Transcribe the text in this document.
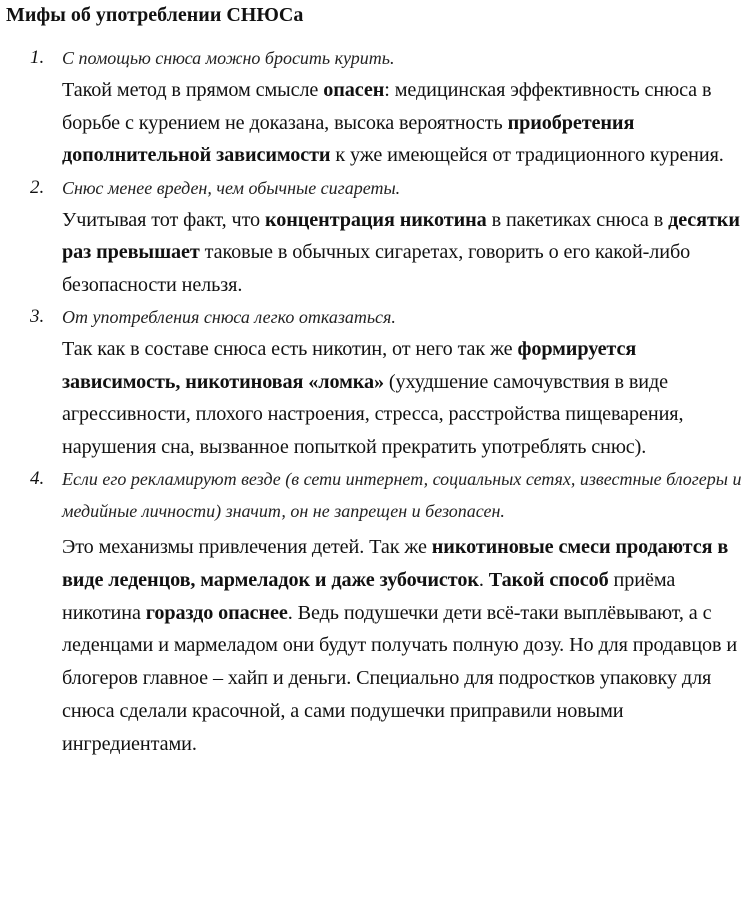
Мифы об употреблении СНЮСа
1. С помощью снюса можно бросить курить.
Такой метод в прямом смысле опасен: медицинская эффективность снюса в борьбе с курением не доказана, высока вероятность приобретения дополнительной зависимости к уже имеющейся от традиционного курения.
2. Снюс менее вреден, чем обычные сигареты.
Учитывая тот факт, что концентрация никотина в пакетиках снюса в десятки раз превышает таковые в обычных сигаретах, говорить о его какой-либо безопасности нельзя.
3. От употребления снюса легко отказаться.
Так как в составе снюса есть никотин, от него так же формируется зависимость, никотиновая «ломка» (ухудшение самочувствия в виде агрессивности, плохого настроения, стресса, расстройства пищеварения, нарушения сна, вызванное попыткой прекратить употреблять снюс).
4. Если его рекламируют везде (в сети интернет, социальных сетях, известные блогеры и медийные личности) значит, он не запрещен и безопасен.
Это механизмы привлечения детей. Так же никотиновые смеси продаются в виде леденцов, мармеладок и даже зубочисток. Такой способ приёма никотина гораздо опаснее. Ведь подушечки дети всё-таки выплёвывают, а с леденцами и мармеладом они будут получать полную дозу. Но для продавцов и блогеров главное – хайп и деньги. Специально для подростков упаковку для снюса сделали красочной, а сами подушечки приправили новыми ингредиентами.
